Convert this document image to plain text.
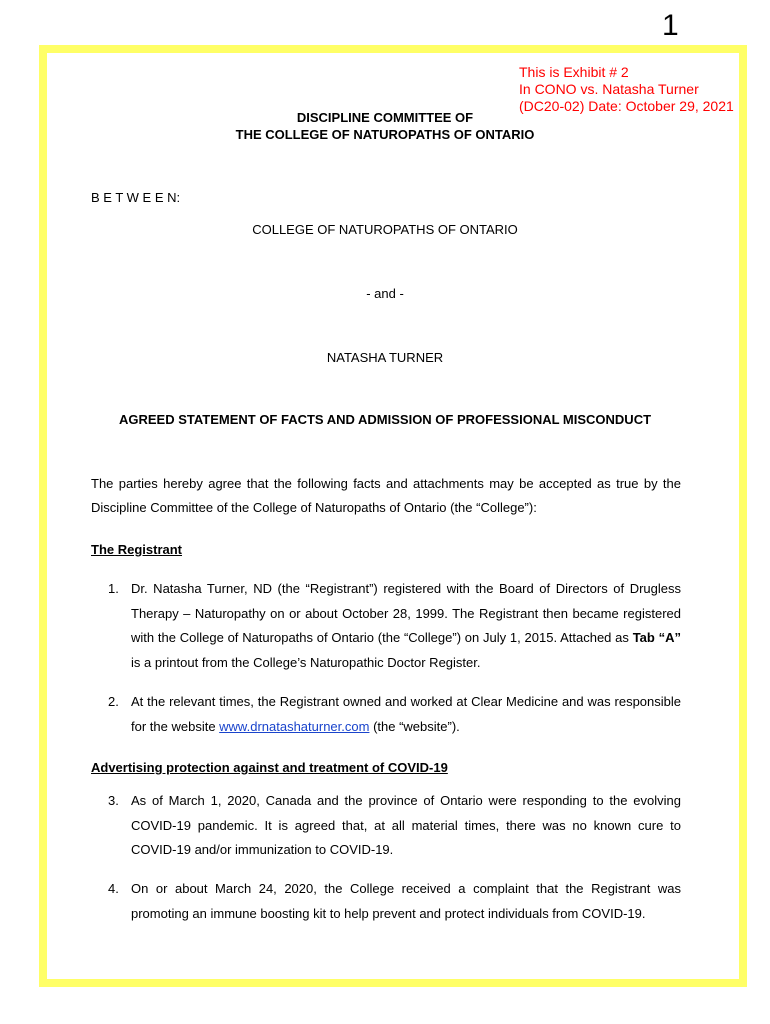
1
This is Exhibit # 2
In CONO vs. Natasha Turner
(DC20-02) Date: October 29, 2021
DISCIPLINE COMMITTEE OF
THE COLLEGE OF NATUROPATHS OF ONTARIO
B E T W E E N:
COLLEGE OF NATUROPATHS OF ONTARIO
- and -
NATASHA TURNER
AGREED STATEMENT OF FACTS AND ADMISSION OF PROFESSIONAL MISCONDUCT
The parties hereby agree that the following facts and attachments may be accepted as true by the Discipline Committee of the College of Naturopaths of Ontario (the “College”):
The Registrant
1. Dr. Natasha Turner, ND (the “Registrant”) registered with the Board of Directors of Drugless Therapy – Naturopathy on or about October 28, 1999. The Registrant then became registered with the College of Naturopaths of Ontario (the “College”) on July 1, 2015. Attached as Tab “A” is a printout from the College’s Naturopathic Doctor Register.
2. At the relevant times, the Registrant owned and worked at Clear Medicine and was responsible for the website www.drnatashaturner.com (the “website”).
Advertising protection against and treatment of COVID-19
3. As of March 1, 2020, Canada and the province of Ontario were responding to the evolving COVID-19 pandemic. It is agreed that, at all material times, there was no known cure to COVID-19 and/or immunization to COVID-19.
4. On or about March 24, 2020, the College received a complaint that the Registrant was promoting an immune boosting kit to help prevent and protect individuals from COVID-19.
